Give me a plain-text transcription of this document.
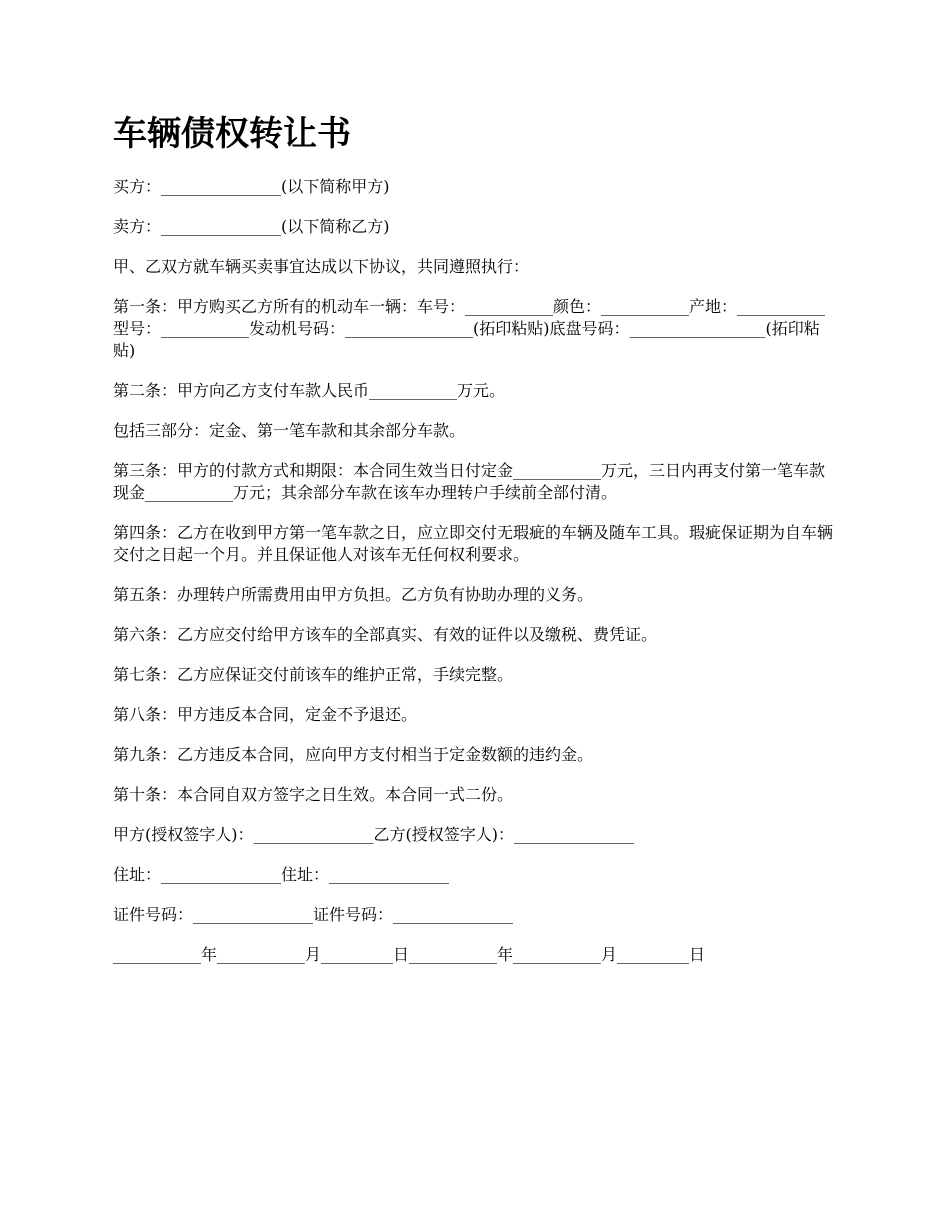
车辆债权转让书

买方：_______________(以下简称甲方)

卖方：_______________(以下简称乙方)

甲、乙双方就车辆买卖事宜达成以下协议，共同遵照执行：

第一条：甲方购买乙方所有的机动车一辆：车号：___________颜色：___________产地：___________型号：___________发动机号码：________________(拓印粘贴)底盘号码：_________________(拓印粘贴)

第二条：甲方向乙方支付车款人民币___________万元。

包括三部分：定金、第一笔车款和其余部分车款。

第三条：甲方的付款方式和期限：本合同生效当日付定金___________万元，三日内再支付第一笔车款现金___________万元；其余部分车款在该车办理转户手续前全部付清。

第四条：乙方在收到甲方第一笔车款之日，应立即交付无瑕疵的车辆及随车工具。瑕疵保证期为自车辆交付之日起一个月。并且保证他人对该车无任何权利要求。

第五条：办理转户所需费用由甲方负担。乙方负有协助办理的义务。

第六条：乙方应交付给甲方该车的全部真实、有效的证件以及缴税、费凭证。

第七条：乙方应保证交付前该车的维护正常，手续完整。

第八条：甲方违反本合同，定金不予退还。

第九条：乙方违反本合同，应向甲方支付相当于定金数额的违约金。

第十条：本合同自双方签字之日生效。本合同一式二份。

甲方(授权签字人)：_______________乙方(授权签字人)：_______________

住址：_______________住址：_______________

证件号码：_______________证件号码：_______________

___________年___________月_________日___________年___________月_________日
